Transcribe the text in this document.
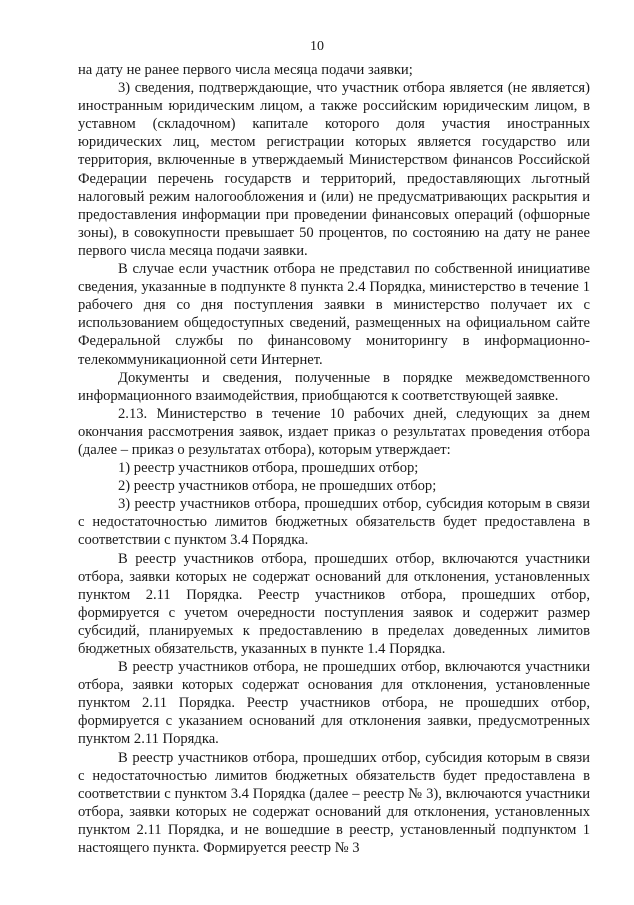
10

на дату не ранее первого числа месяца подачи заявки;

3) сведения, подтверждающие, что участник отбора является (не является) иностранным юридическим лицом, а также российским юридическим лицом, в уставном (складочном) капитале которого доля участия иностранных юридических лиц, местом регистрации которых является государство или территория, включенные в утверждаемый Министерством финансов Российской Федерации перечень государств и территорий, предоставляющих льготный налоговый режим налогообложения и (или) не предусматривающих раскрытия и предоставления информации при проведении финансовых операций (офшорные зоны), в совокупности превышает 50 процентов, по состоянию на дату не ранее первого числа месяца подачи заявки.

В случае если участник отбора не представил по собственной инициативе сведения, указанные в подпункте 8 пункта 2.4 Порядка, министерство в течение 1 рабочего дня со дня поступления заявки в министерство получает их с использованием общедоступных сведений, размещенных на официальном сайте Федеральной службы по финансовому мониторингу в информационно-телекоммуникационной сети Интернет.

Документы и сведения, полученные в порядке межведомственного информационного взаимодействия, приобщаются к соответствующей заявке.

2.13. Министерство в течение 10 рабочих дней, следующих за днем окончания рассмотрения заявок, издает приказ о результатах проведения отбора (далее – приказ о результатах отбора), которым утверждает:

1) реестр участников отбора, прошедших отбор;

2) реестр участников отбора, не прошедших отбор;

3) реестр участников отбора, прошедших отбор, субсидия которым в связи с недостаточностью лимитов бюджетных обязательств будет предоставлена в соответствии с пунктом 3.4 Порядка.

В реестр участников отбора, прошедших отбор, включаются участники отбора, заявки которых не содержат оснований для отклонения, установленных пунктом 2.11 Порядка. Реестр участников отбора, прошедших отбор, формируется с учетом очередности поступления заявок и содержит размер субсидий, планируемых к предоставлению в пределах доведенных лимитов бюджетных обязательств, указанных в пункте 1.4 Порядка.

В реестр участников отбора, не прошедших отбор, включаются участники отбора, заявки которых содержат основания для отклонения, установленные пунктом 2.11 Порядка. Реестр участников отбора, не прошедших отбор, формируется с указанием оснований для отклонения заявки, предусмотренных пунктом 2.11 Порядка.

В реестр участников отбора, прошедших отбор, субсидия которым в связи с недостаточностью лимитов бюджетных обязательств будет предоставлена в соответствии с пунктом 3.4 Порядка (далее – реестр № 3), включаются участники отбора, заявки которых не содержат оснований для отклонения, установленных пунктом 2.11 Порядка, и не вошедшие в реестр, установленный подпунктом 1 настоящего пункта. Формируется реестр № 3
